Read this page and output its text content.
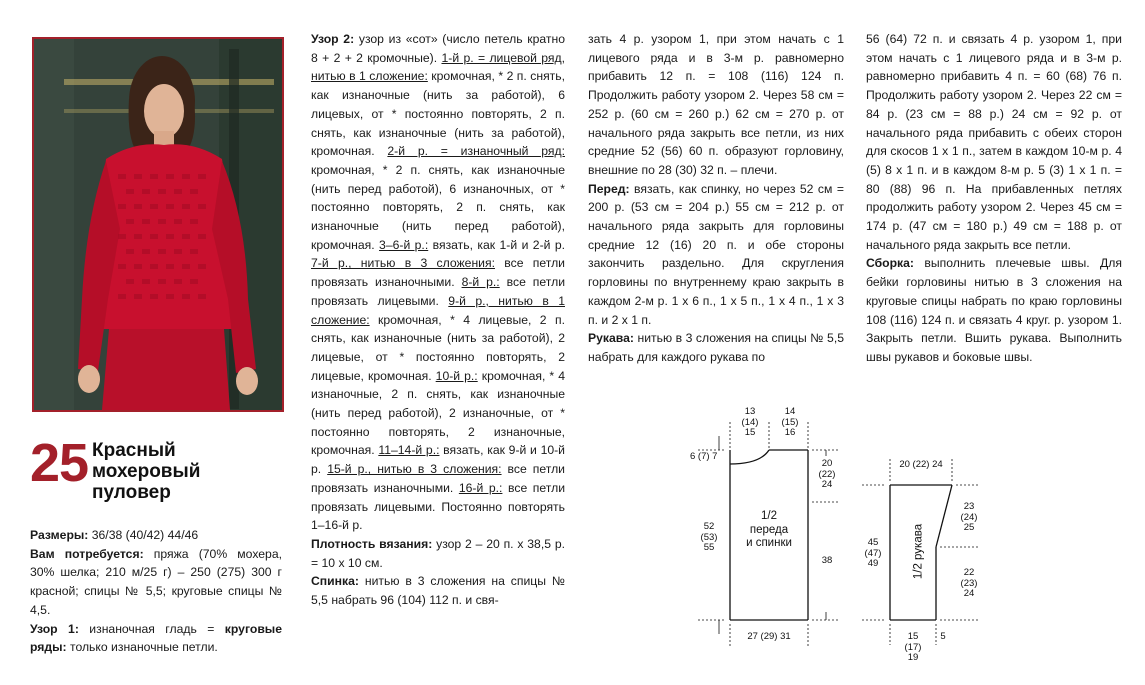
25 Красный
мохеровый
пуловер

Размеры: 36/38 (40/42) 44/46

Вам потребуется: пряжа (70% мохера, 30% шелка; 210 м/25 г) – 250 (275) 300 г красной; спицы № 5,5; круговые спицы № 4,5.

Узор 1: изнаночная гладь = круговые ряды: только изнаночные петли.

Узор 2: узор из «сот» (число петель кратно 8 + 2 + 2 кромочные). 1-й р. = лицевой ряд, нитью в 1 сложение: кромочная, * 2 п. снять, как изнаночные (нить за работой), 6 лицевых, от * постоянно повторять, 2 п. снять, как изнаночные (нить за работой), кромочная. 2-й р. = изнаночный ряд: кромочная, * 2 п. снять, как изнаночные (нить перед работой), 6 изнаночных, от * постоянно повторять, 2 п. снять, как изнаночные (нить перед работой), кромочная. 3–6-й р.: вязать, как 1-й и 2-й р. 7-й р., нитью в 3 сложения: все петли провязать изнаночными. 8-й р.: все петли провязать лицевыми. 9-й р., нитью в 1 сложение: кромочная, * 4 лицевые, 2 п. снять, как изнаночные (нить за работой), 2 лицевые, от * постоянно повторять, 2 лицевые, кромочная. 10-й р.: кромочная, * 4 изнаночные, 2 п. снять, как изнаночные (нить перед работой), 2 изнаночные, от * постоянно повторять, 2 изнаночные, кромочная. 11–14-й р.: вязать, как 9-й и 10-й р. 15-й р., нитью в 3 сложения: все петли провязать изнаночными. 16-й р.: все петли провязать лицевыми. Постоянно повторять 1–16-й р.

Плотность вязания: узор 2 – 20 п. х 38,5 р. = 10 х 10 см.

Спинка: нитью в 3 сложения на спицы № 5,5 набрать 96 (104) 112 п. и свя-

зать 4 р. узором 1, при этом начать с 1 лицевого ряда и в 3-м р. равномерно прибавить 12 п. = 108 (116) 124 п. Продолжить работу узором 2. Через 58 см = 252 р. (60 см = 260 р.) 62 см = 270 р. от начального ряда закрыть все петли, из них средние 52 (56) 60 п. образуют горловину, внешние по 28 (30) 32 п. – плечи.

Перед: вязать, как спинку, но через 52 см = 200 р. (53 см = 204 р.) 55 см = 212 р. от начального ряда закрыть для горловины средние 12 (16) 20 п. и обе стороны закончить раздельно. Для скругления горловины по внутреннему краю закрыть в каждом 2-м р. 1 х 6 п., 1 х 5 п., 1 х 4 п., 1 х 3 п. и 2 х 1 п.

Рукава: нитью в 3 сложения на спицы № 5,5 набрать для каждого рукава по

56 (64) 72 п. и связать 4 р. узором 1, при этом начать с 1 лицевого ряда и в 3-м р. равномерно прибавить 4 п. = 60 (68) 76 п. Продолжить работу узором 2. Через 22 см = 84 р. (23 см = 88 р.) 24 см = 92 р. от начального ряда прибавить с обеих сторон для скосов 1 х 1 п., затем в каждом 10-м р. 4 (5) 8 х 1 п. и в каждом 8-м р. 5 (3) 1 х 1 п. = 80 (88) 96 п. На прибавленных петлях продолжить работу узором 2. Через 45 см = 174 р. (47 см = 180 р.) 49 см = 188 р. от начального ряда закрыть все петли.

Сборка: выполнить плечевые швы. Для бейки горловины нитью в 3 сложения на круговые спицы набрать по краю горловины 108 (116) 124 п. и связать 4 круг. р. узором 1. Закрыть петли. Вшить рукава. Выполнить швы рукавов и боковые швы.

13
(14)
15
14
(15)
16
6 (7) 7
20
(22)
24
38
52
(53)
55
27 (29) 31
1/2
переда
и спинки
20 (22) 24
23
(24)
25
22
(23)
24
45
(47)
49
15
(17)
19
5
1/2 рукава
